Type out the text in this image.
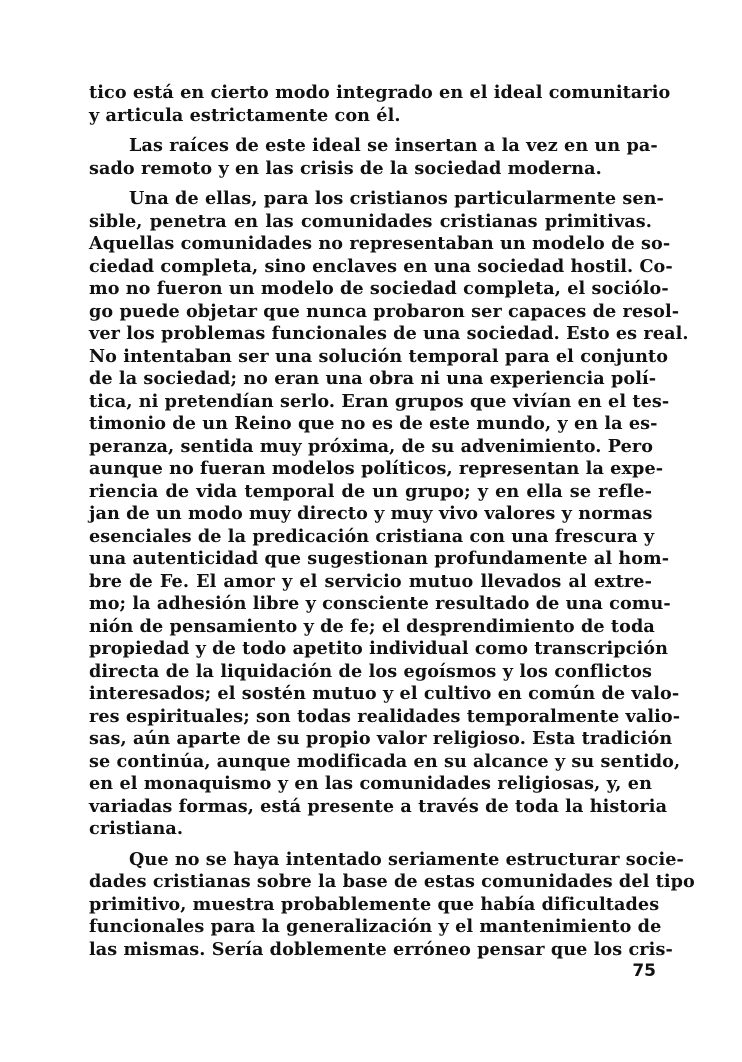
tico está en cierto modo integrado en el ideal comunitario
y articula estrictamente con él.
Las raíces de este ideal se insertan a la vez en un pa-
sado remoto y en las crisis de la sociedad moderna.
Una de ellas, para los cristianos particularmente sen-
sible, penetra en las comunidades cristianas primitivas.
Aquellas comunidades no representaban un modelo de so-
ciedad completa, sino enclaves en una sociedad hostil. Co-
mo no fueron un modelo de sociedad completa, el sociólo-
go puede objetar que nunca probaron ser capaces de resol-
ver los problemas funcionales de una sociedad. Esto es real.
No intentaban ser una solución temporal para el conjunto
de la sociedad; no eran una obra ni una experiencia polí-
tica, ni pretendían serlo. Eran grupos que vivían en el tes-
timonio de un Reino que no es de este mundo, y en la es-
peranza, sentida muy próxima, de su advenimiento. Pero
aunque no fueran modelos políticos, representan la expe-
riencia de vida temporal de un grupo; y en ella se refle-
jan de un modo muy directo y muy vivo valores y normas
esenciales de la predicación cristiana con una frescura y
una autenticidad que sugestionan profundamente al hom-
bre de Fe. El amor y el servicio mutuo llevados al extre-
mo; la adhesión libre y consciente resultado de una comu-
nión de pensamiento y de fe; el desprendimiento de toda
propiedad y de todo apetito individual como transcripción
directa de la liquidación de los egoísmos y los conflictos
interesados; el sostén mutuo y el cultivo en común de valo-
res espirituales; son todas realidades temporalmente valio-
sas, aún aparte de su propio valor religioso. Esta tradición
se continúa, aunque modificada en su alcance y su sentido,
en el monaquismo y en las comunidades religiosas, y, en
variadas formas, está presente a través de toda la historia
cristiana.
Que no se haya intentado seriamente estructurar socie-
dades cristianas sobre la base de estas comunidades del tipo
primitivo, muestra probablemente que había dificultades
funcionales para la generalización y el mantenimiento de
las mismas. Sería doblemente erróneo pensar que los cris-
75
